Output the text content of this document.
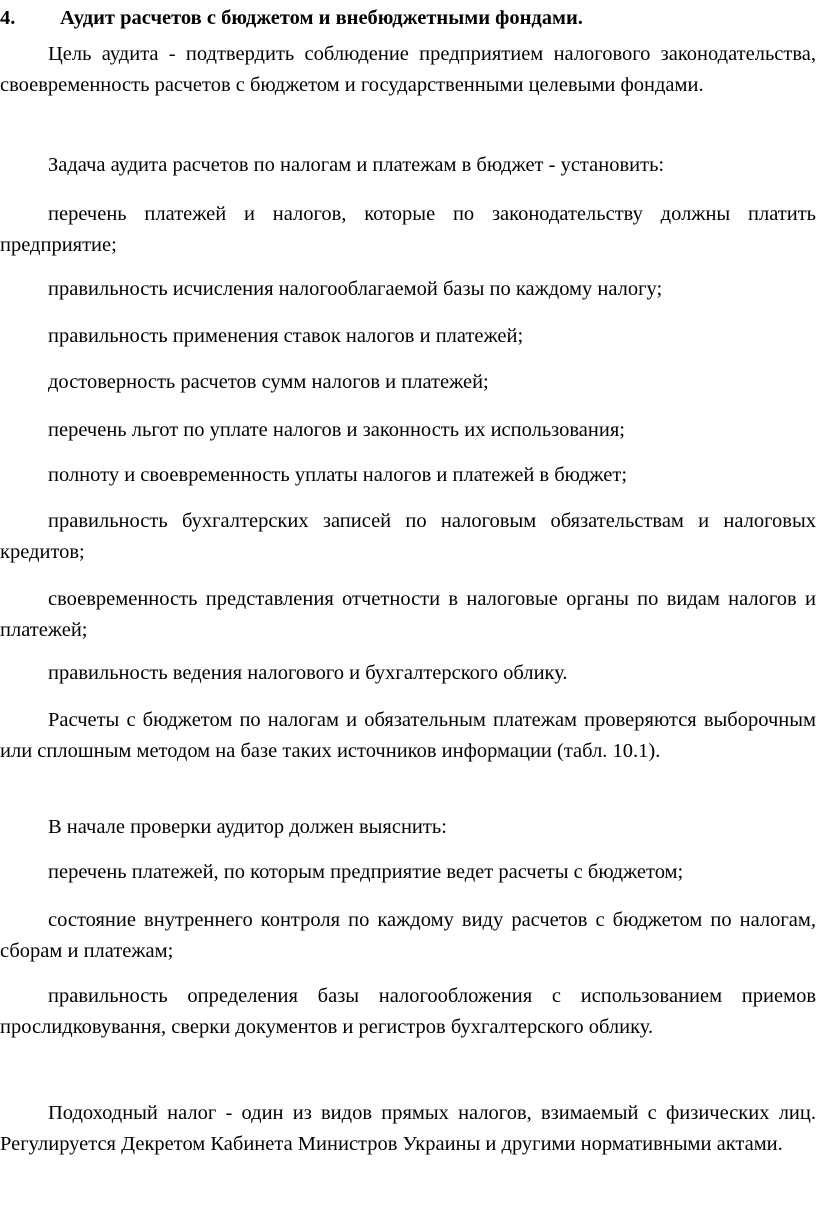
4. Аудит расчетов с бюджетом и внебюджетными фондами.

Цель аудита - подтвердить соблюдение предприятием налогового законодательства, своевременность расчетов с бюджетом и государственными целевыми фондами.

Задача аудита расчетов по налогам и платежам в бюджет - установить:

перечень платежей и налогов, которые по законодательству должны платить предприятие;

правильность исчисления налогооблагаемой базы по каждому налогу;

правильность применения ставок налогов и платежей;

достоверность расчетов сумм налогов и платежей;

перечень льгот по уплате налогов и законность их использования;

полноту и своевременность уплаты налогов и платежей в бюджет;

правильность бухгалтерских записей по налоговым обязательствам и налоговых кредитов;

своевременность представления отчетности в налоговые органы по видам налогов и платежей;

правильность ведения налогового и бухгалтерского облику.

Расчеты с бюджетом по налогам и обязательным платежам проверяются выборочным или сплошным методом на базе таких источников информации (табл. 10.1).

В начале проверки аудитор должен выяснить:

перечень платежей, по которым предприятие ведет расчеты с бюджетом;

состояние внутреннего контроля по каждому виду расчетов с бюджетом по налогам, сборам и платежам;

правильность определения базы налогообложения с использованием приемов прослидковування, сверки документов и регистров бухгалтерского облику.

Подоходный налог - один из видов прямых налогов, взимаемый с физических лиц. Регулируется Декретом Кабинета Министров Украины и другими нормативными актами.
